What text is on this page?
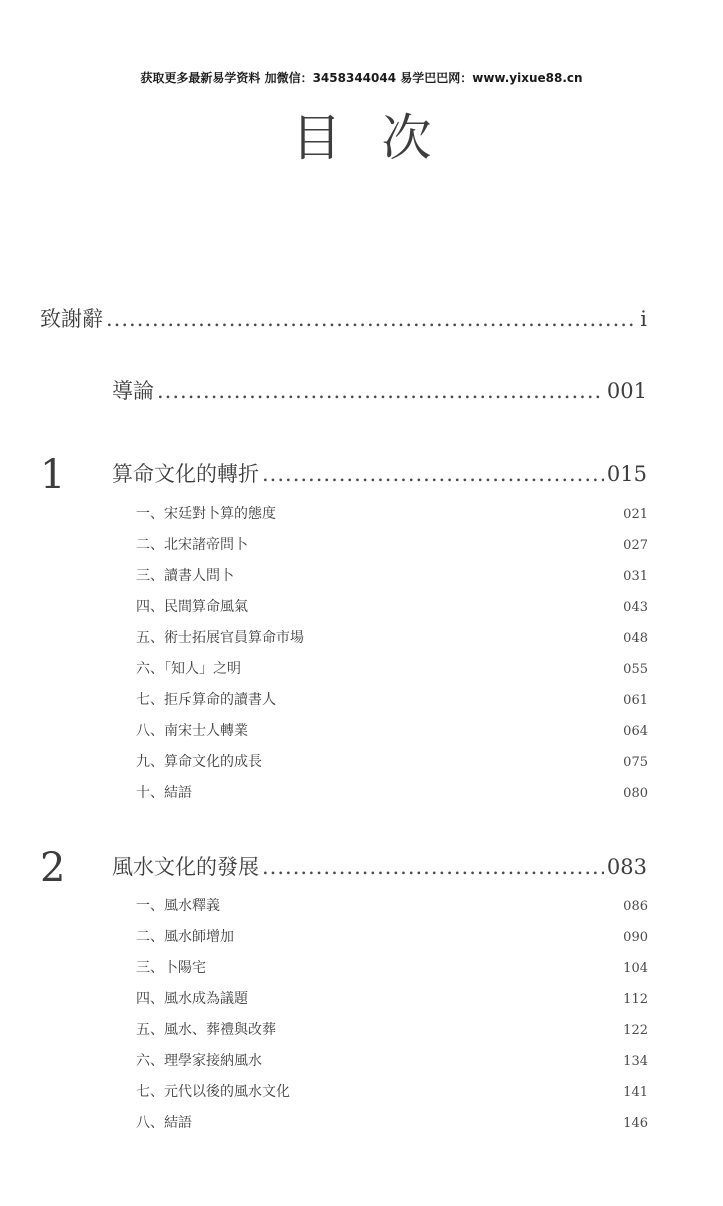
获取更多最新易学资料 加微信：3458344044 易学巴巴网：www.yixue88.cn
目次
致謝辭 .....	i
導論 .....	001
1 算命文化的轉折 .....	015
一、宋廷對卜算的態度	021
二、北宋諸帝問卜	027
三、讀書人問卜	031
四、民間算命風氣	043
五、術士拓展官員算命市場	048
六、「知人」之明	055
七、拒斥算命的讀書人	061
八、南宋士人轉業	064
九、算命文化的成長	075
十、結語	080
2 風水文化的發展 .....	083
一、風水釋義	086
二、風水師增加	090
三、卜陽宅	104
四、風水成為議題	112
五、風水、葬禮與改葬	122
六、理學家接納風水	134
七、元代以後的風水文化	141
八、結語	146
